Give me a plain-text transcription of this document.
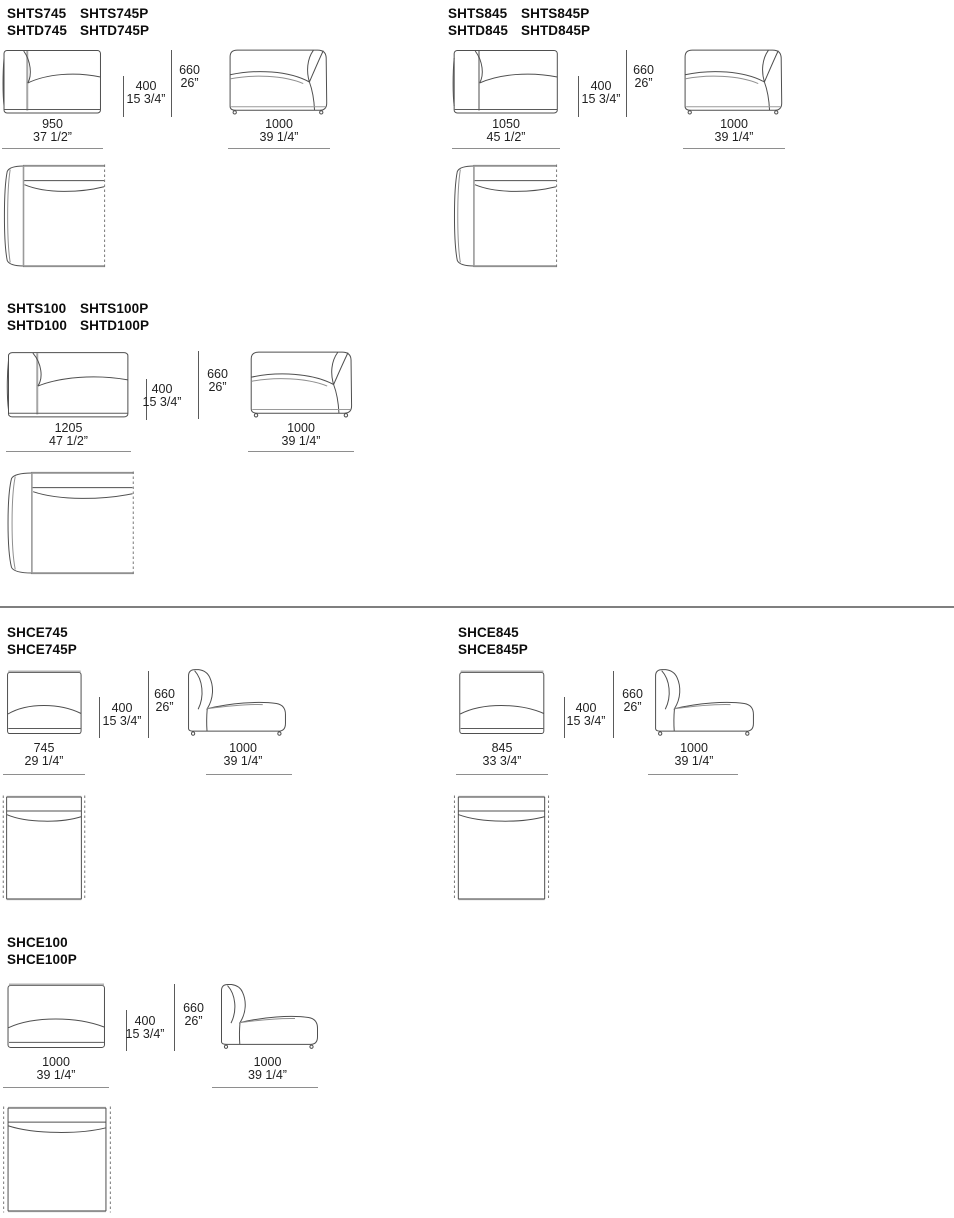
SHTS745 SHTS745P
SHTD745 SHTD745P
950
37 1/2”
400
15 3/4”
660
26”
1000
39 1/4”
SHTS845 SHTS845P
SHTD845 SHTD845P
1050
45 1/2”
400
15 3/4”
660
26”
1000
39 1/4”
SHTS100 SHTS100P
SHTD100 SHTD100P
1205
47 1/2”
400
15 3/4”
660
26”
1000
39 1/4”
SHCE745
SHCE745P
745
29 1/4”
400
15 3/4”
660
26”
1000
39 1/4”
SHCE845
SHCE845P
845
33 3/4”
400
15 3/4”
660
26”
1000
39 1/4”
SHCE100
SHCE100P
1000
39 1/4”
400
15 3/4”
660
26”
1000
39 1/4”
